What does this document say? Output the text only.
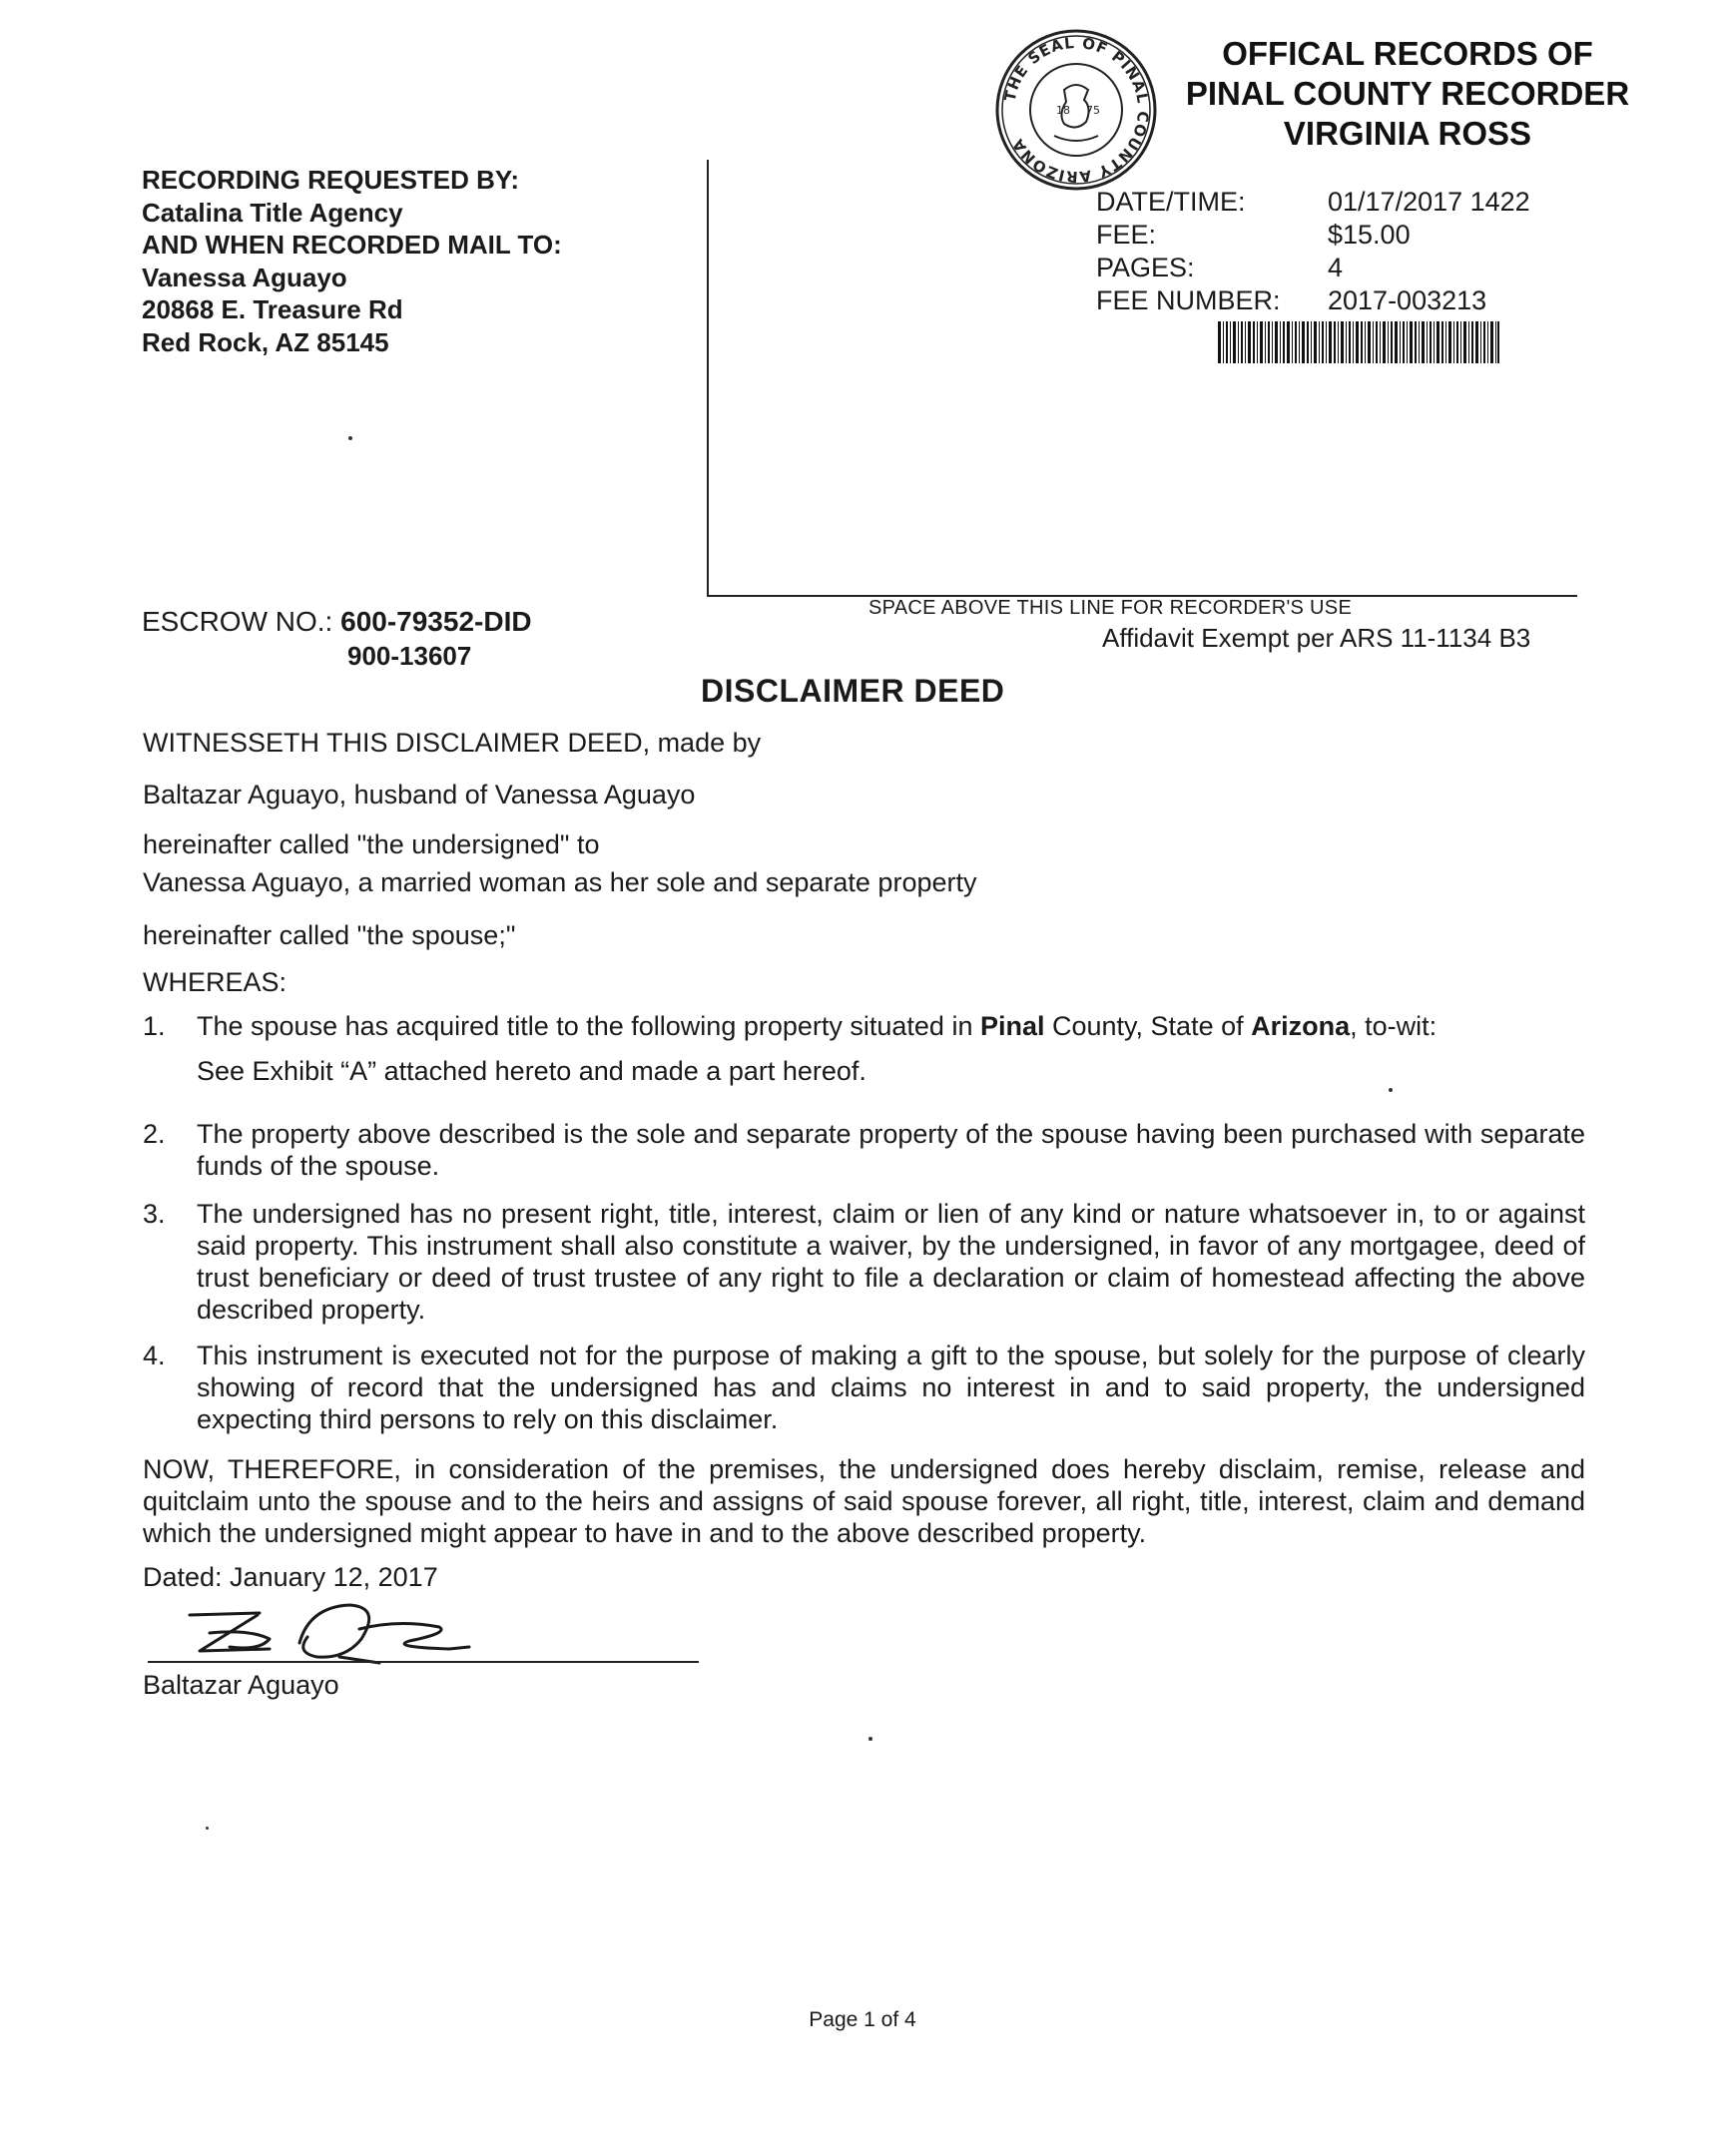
RECORDING REQUESTED BY:
Catalina Title Agency
AND WHEN RECORDED MAIL TO:
Vanessa Aguayo
20868 E. Treasure Rd
Red Rock, AZ 85145
THE SEAL OF PINAL COUNTY ARIZONA
18 75
OFFICAL RECORDS OF
PINAL COUNTY RECORDER
VIRGINIA ROSS
DATE/TIME:	01/17/2017 1422
FEE:	$15.00
PAGES:	4
FEE NUMBER:	2017-003213
ESCROW NO.: 600-79352-DID
900-13607
SPACE ABOVE THIS LINE FOR RECORDER'S USE
Affidavit Exempt per ARS 11-1134 B3
DISCLAIMER DEED
WITNESSETH THIS DISCLAIMER DEED, made by
Baltazar Aguayo, husband of Vanessa Aguayo
hereinafter called "the undersigned" to
Vanessa Aguayo, a married woman as her sole and separate property
hereinafter called "the spouse;"
WHEREAS:
1.	The spouse has acquired title to the following property situated in Pinal County, State of Arizona, to-wit:
See Exhibit “A” attached hereto and made a part hereof.
2.	The property above described is the sole and separate property of the spouse having been purchased with separate funds of the spouse.
3.	The undersigned has no present right, title, interest, claim or lien of any kind or nature whatsoever in, to or against said property. This instrument shall also constitute a waiver, by the undersigned, in favor of any mortgagee, deed of trust beneficiary or deed of trust trustee of any right to file a declaration or claim of homestead affecting the above described property.
4.	This instrument is executed not for the purpose of making a gift to the spouse, but solely for the purpose of clearly showing of record that the undersigned has and claims no interest in and to said property, the undersigned expecting third persons to rely on this disclaimer.
NOW, THEREFORE, in consideration of the premises, the undersigned does hereby disclaim, remise, release and quitclaim unto the spouse and to the heirs and assigns of said spouse forever, all right, title, interest, claim and demand which the undersigned might appear to have in and to the above described property.
Dated: January 12, 2017
Baltazar Aguayo
Page 1 of 4
